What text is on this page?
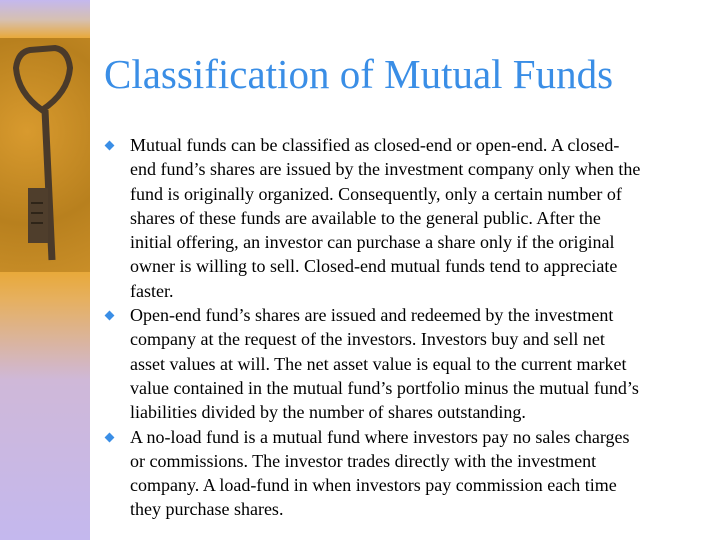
Classification of Mutual Funds
Mutual funds can be classified as closed-end or open-end. A closed-
end fund’s shares are issued by the investment company only when the
fund is originally organized. Consequently, only a certain number of
shares of these funds are available to the general public. After the
initial offering, an investor can purchase a share only if the original
owner is willing to sell. Closed-end mutual funds tend to appreciate
faster.
Open-end fund’s shares are issued and redeemed by the investment
company at the request of the investors. Investors buy and sell net
asset values at will. The net asset value is equal to the current market
value contained in the mutual fund’s portfolio minus the mutual fund’s
liabilities divided by the number of shares outstanding.
A no-load fund is a mutual fund where investors pay no sales charges
or commissions. The investor trades directly with the investment
company. A load-fund in when investors pay commission each time
they purchase shares.
